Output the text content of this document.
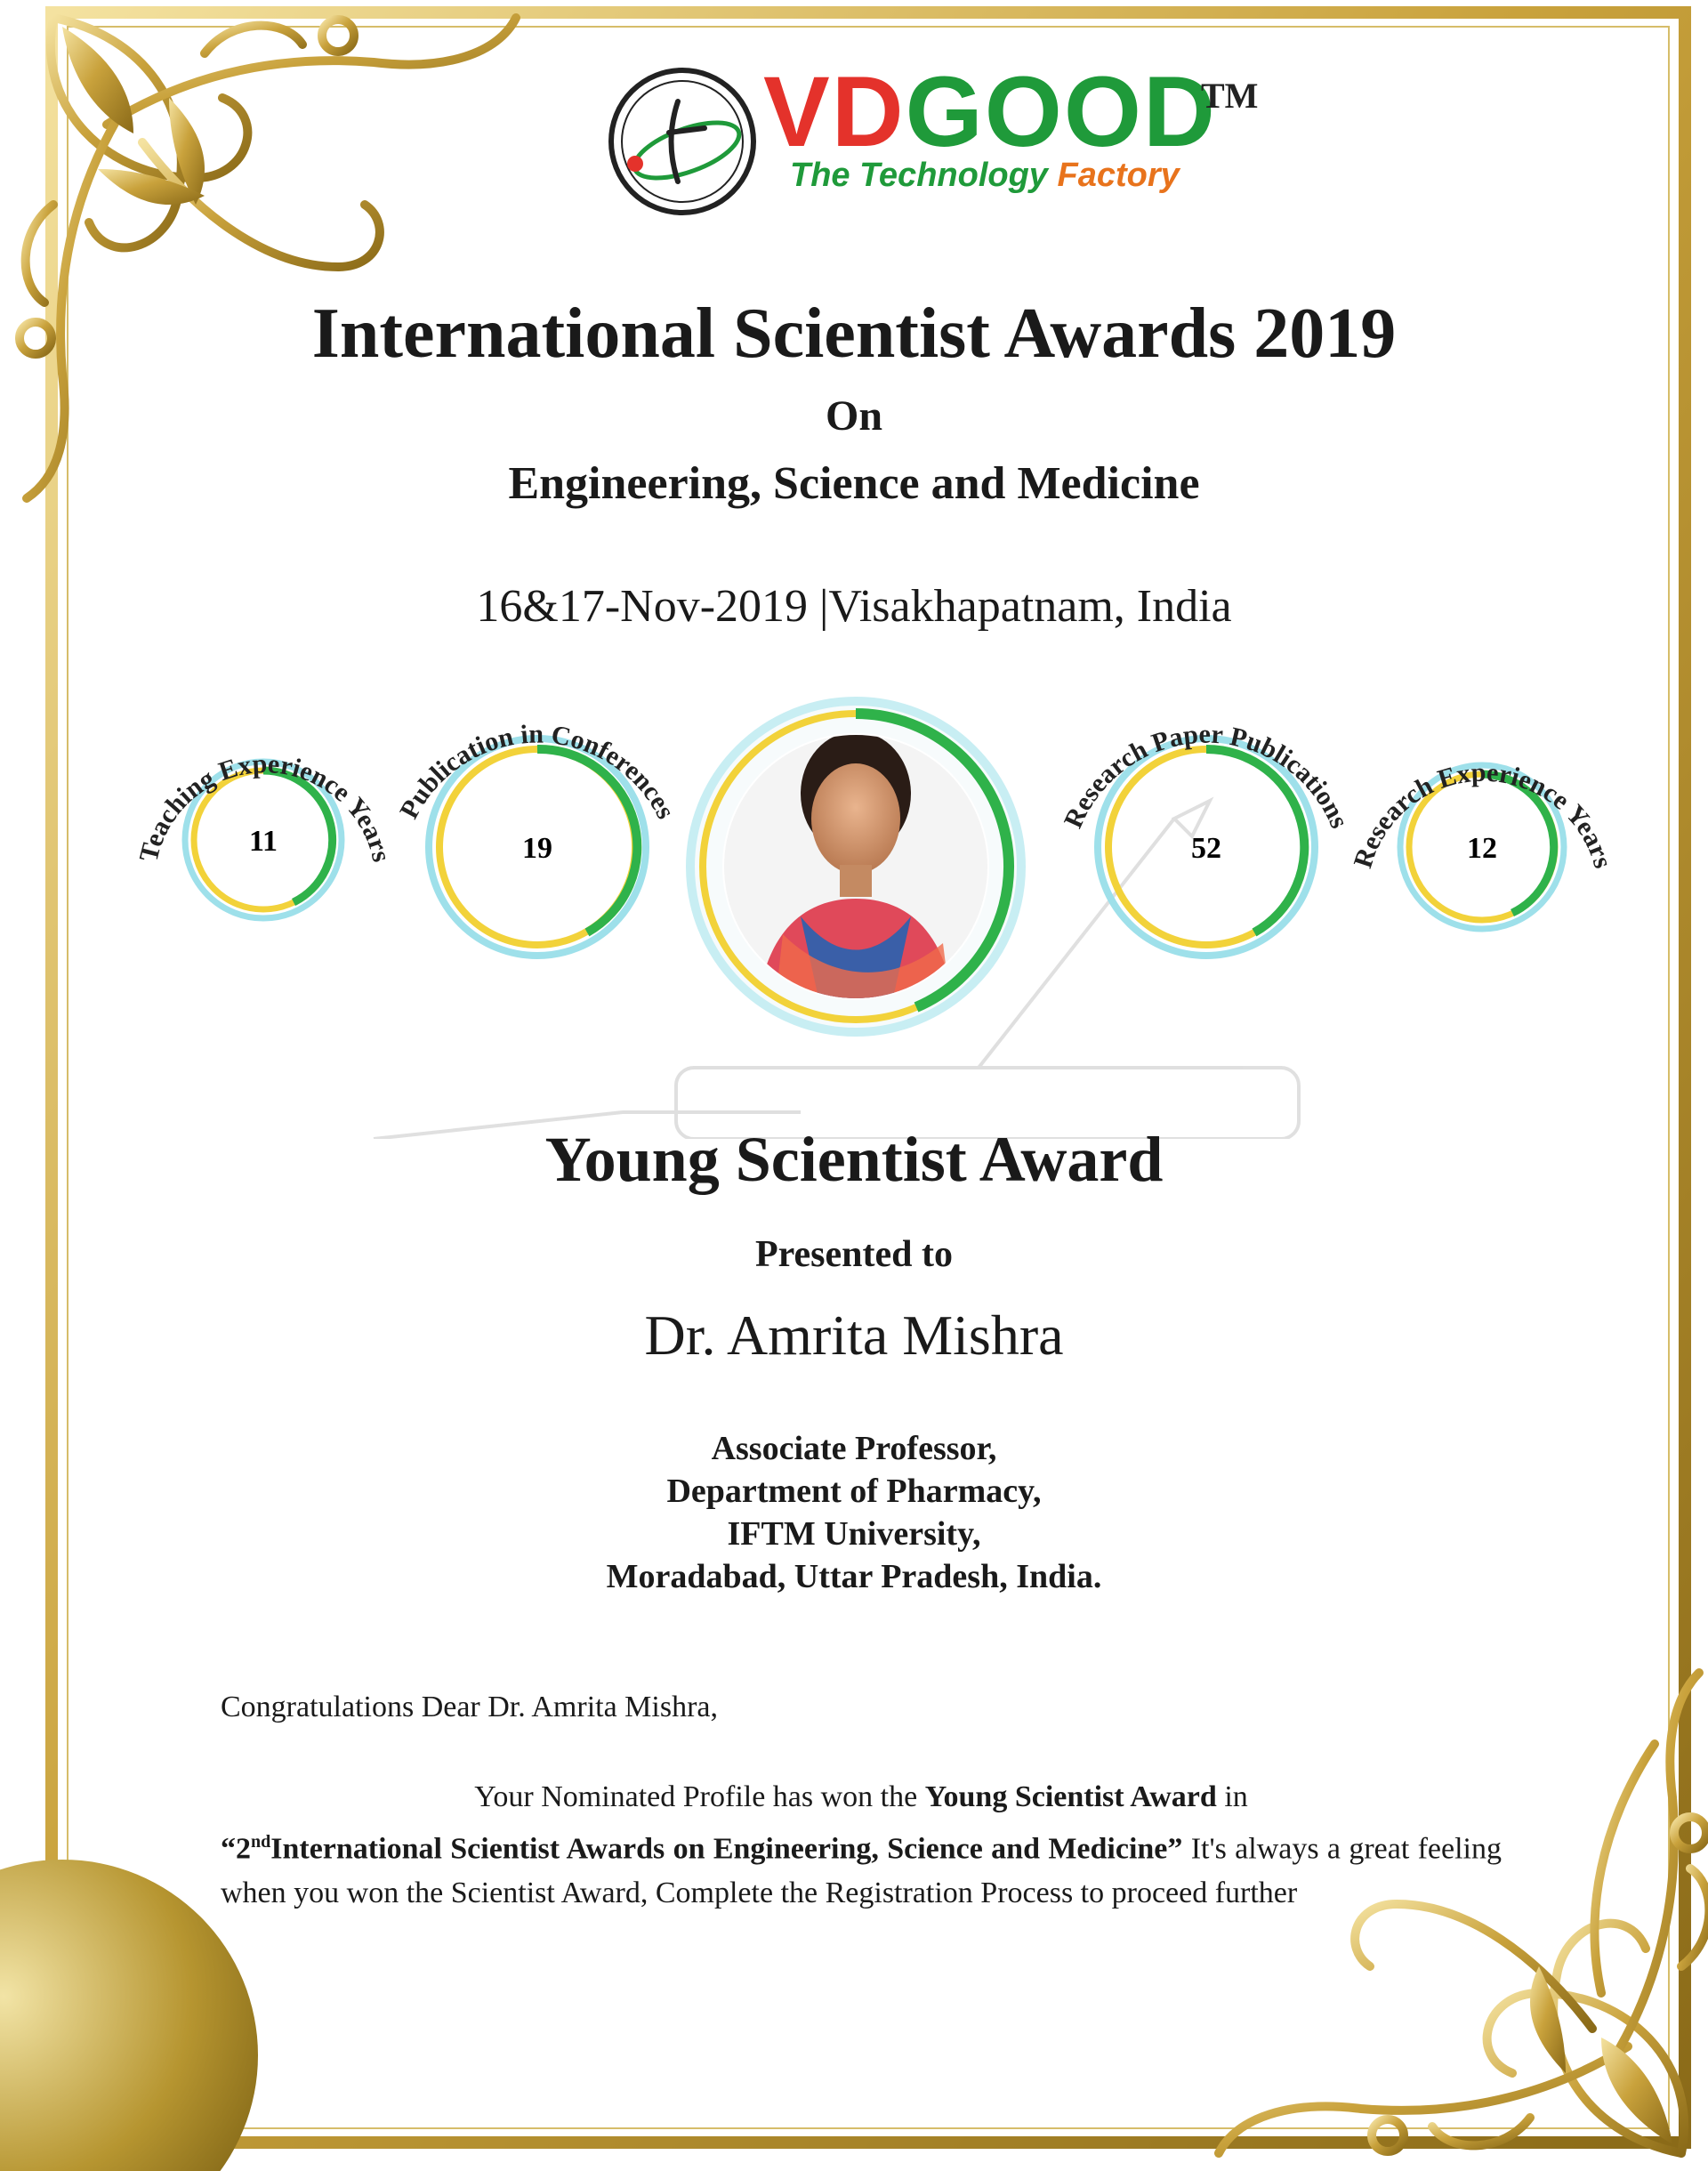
VDGOOD
TM
The Technology Factory
International Scientist Awards 2019
On
Engineering, Science and Medicine
16&17-Nov-2019 |Visakhapatnam, India
11	19	52	12
Teaching Experience Years
Publication in Conferences	Research Paper Publications
Research Experience Years
Young Scientist Award
Presented to
Dr. Amrita Mishra
Associate Professor,
Department of Pharmacy,
IFTM University,
Moradabad, Uttar Pradesh, India.
Congratulations Dear Dr. Amrita Mishra,
Your Nominated Profile has won the Young Scientist Award in
“2ndInternational Scientist Awards on Engineering, Science and Medicine” It's always a great feeling when you won the Scientist Award, Complete the Registration Process to proceed further
